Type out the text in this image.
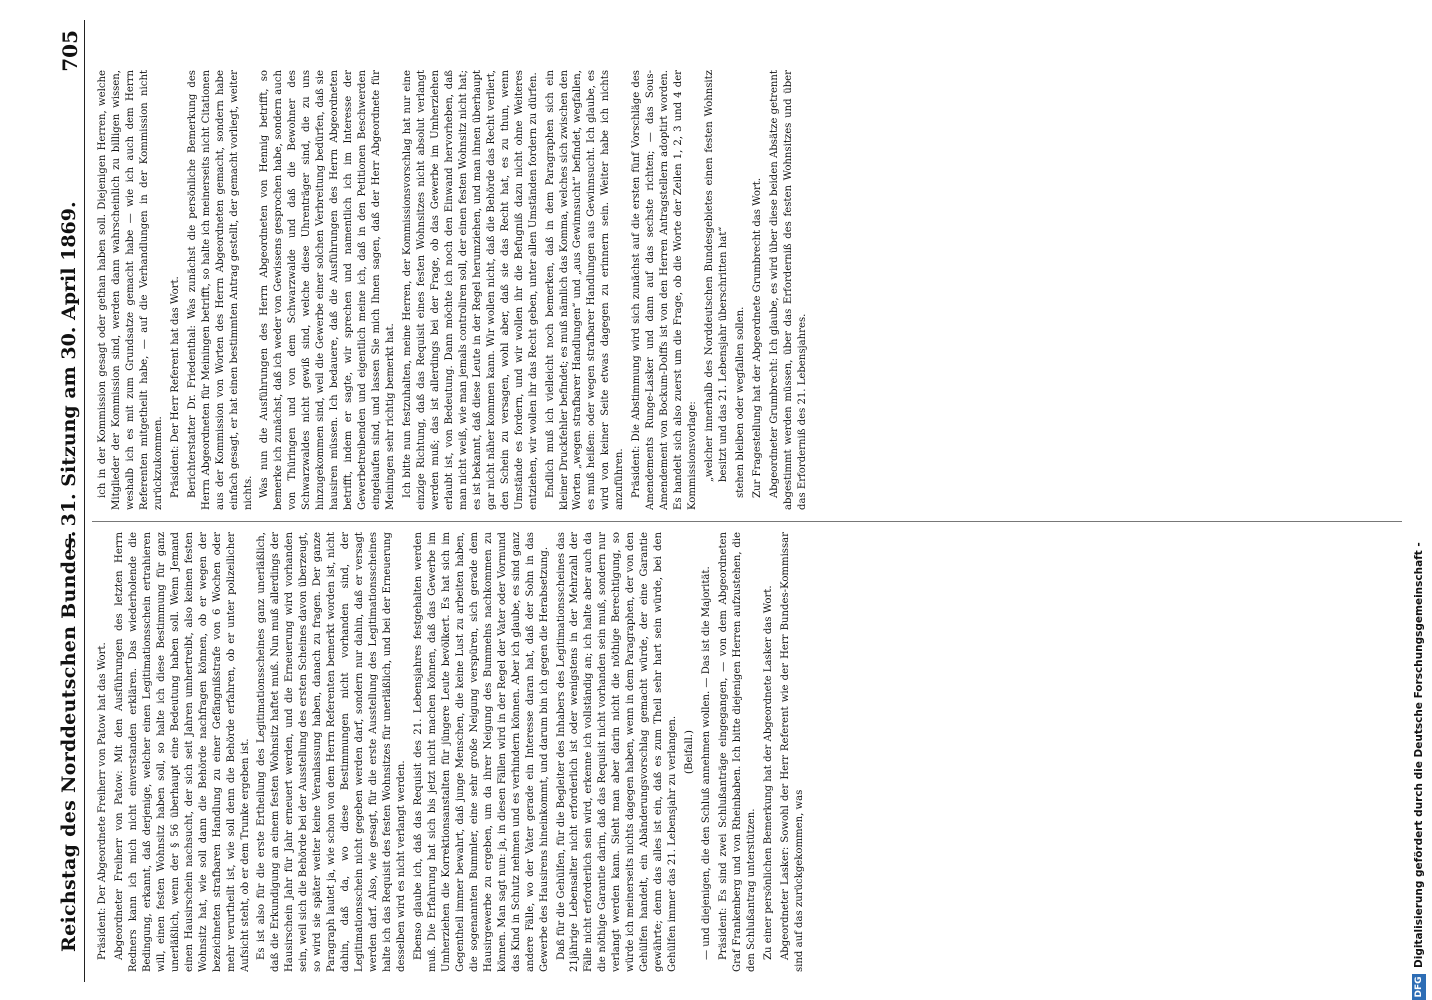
Reichstag des Norddeutschen Bundes.
— 31. Sitzung am 30. April 1869.
705

Präsident: Der Abgeordnete Freiherr von Patow hat das Wort. Abgeordneter Freiherr von Patow: Mit den Ausführungen des letzten Herrn Redners kann ich mich nicht einverstanden erklären. Das wiederholende die Bedingung, erkannt, daß derjenige, welcher einen Legitimationsschein ertrahieren will, einen festen Wohnsitz haben soll, so halte ich diese Bestimmung für ganz unerläßlich, wenn der § 56 überhaupt eine Bedeutung haben soll. Wenn Jemand einen Hausirschein nachsucht, der sich seit Jahren umhertreibt, also keinen festen Wohnsitz hat, wie soll dann die Behörde nachfragen können, ob er wegen der bezeichneten strafbaren Handlung zu einer Gefängnißstrafe von 6 Wochen oder mehr verurtheilt ist, wie soll denn die Behörde erfahren, ob er unter polizeilicher Aufsicht steht, ob er dem Trunke ergeben ist. Es ist also für die erste Ertheilung des Legitimationsscheines ganz unerläßlich, daß die Erkundigung an einem festen Wohnsitz haftet muß. Nun muß allerdings der Hausirschein Jahr für Jahr erneuert werden, und die Erneuerung wird vorhanden sein, weil sich die Behörde bei der Ausstellung des ersten Scheines davon überzeugt, so wird sie später weiter keine Veranlassung haben, danach zu fragen. Der ganze Paragraph lautet ja, wie schon von dem Herrn Referenten bemerkt worden ist, nicht dahin, daß da, wo diese Bestimmungen nicht vorhanden sind, der Legitimationsschein nicht gegeben werden darf, sondern nur dahin, daß er versagt werden darf. Also, wie gesagt, für die erste Ausstellung des Legitimationsscheines halte ich das Requisit des festen Wohnsitzes für unerläßlich, und bei der Erneuerung desselben wird es nicht verlangt werden. Ebenso glaube ich, daß das Requisit des 21. Lebensjahres festgehalten werden muß. Die Erfahrung hat sich bis jetzt nicht machen können, daß das Gewerbe im Umherziehen die Korrektionsanstalten für jüngere Leute bevölkert. Es hat sich im Gegentheil immer bewahrt, daß junge Menschen, die keine Lust zu arbeiten haben, die sogenannten Bummler, eine sehr große Neigung verspüren, sich gerade dem Hausirgewerbe zu ergeben, um da ihrer Neigung des Bummelns nachkommen zu können. Man sagt nun: ja, in diesen Fällen wird in der Regel der Vater oder Vormund das Kind in Schutz nehmen und es verhindern können. Aber ich glaube, es sind ganz andere Fälle, wo der Vater gerade ein Interesse daran hat, daß der Sohn in das Gewerbe des Hausirens hineinkommt, und darum bin ich gegen die Herabsetzung. Daß für die Gehülfen, für die Begleiter des Inhabers des Legitimationsscheines das 21jährige Lebensalter nicht erforderlich ist oder wenigstens in der Mehrzahl der Fälle nicht erforderlich sein wird, erkenne ich vollständig an; ich halte aber auch da die nöthige Garantie darin, daß das Requisit nicht vorhanden sein muß, sondern nur verlangt werden kann. Sieht man aber darin nicht die nöthige Berechtigung, so würde ich meinerseits nichts dagegen haben, wenn in dem Paragraphen, der von den Gehülfen handelt, ein Abänderungsvorschlag gemacht würde, der eine Garantie gewährte; denn das alles ist ein, daß es zum Theil sehr hart sein würde, bei den Gehülfen immer das 21. Lebensjahr zu verlangen. (Beifall.) — und diejenigen, die den Schluß annehmen wollen. — Das ist die Majorität. Präsident: Es sind zwei Schlußanträge eingegangen, — von dem Abgeordneten Graf Frankenberg und von Rheinbaben. Ich bitte diejenigen Herren aufzustehen, die den Schlußantrag unterstützen. Zu einer persönlichen Bemerkung hat der Abgeordnete Lasker das Wort. Abgeordneter Lasker: Sowohl der Herr Referent wie der Herr Bundes-Kommissar sind auf das zurückgekommen, was

ich in der Kommission gesagt oder gethan haben soll. Diejenigen Herren, welche Mitglieder der Kommission sind, werden dann wahrscheinlich zu billigen wissen, weshalb ich es mit zum Grundsatze gemacht habe — wie ich auch dem Herrn Referenten mitgetheilt habe, — auf die Verhandlungen in der Kommission nicht zurückzukommen. Präsident: Der Herr Referent hat das Wort. Berichterstatter Dr. Friedenthal: Was zunächst die persönliche Bemerkung des Herrn Abgeordneten für Meiningen betrifft, so halte ich meinerseits nicht Citationen aus der Kommission von Worten des Herrn Abgeordneten gemacht, sondern habe einfach gesagt, er hat einen bestimmten Antrag gestellt, der gemacht vorliegt, weiter nichts. Was nun die Ausführungen des Herrn Abgeordneten von Hennig betrifft, so bemerke ich zunächst, daß ich weder von Gewissens gesprochen habe, sondern auch von Thüringen und von dem Schwarzwalde und daß die Bewohner des Schwarzwaldes nicht gewiß sind, welche diese Uhrenträger sind, die zu uns hinzugekommen sind, weil die Gewerbe einer solchen Verbreitung bedürfen, daß sie hausiren müssen. Ich bedauere, daß die Ausführungen des Herrn Abgeordneten betrifft, indem er sagte, wir sprechen und namentlich ich im Interesse der Gewerbetreibenden und eigentlich meine ich, daß in den Petitionen Beschwerden eingelaufen sind, und lassen Sie mich Ihnen sagen, daß der Herr Abgeordnete für Meiningen sehr richtig bemerkt hat. Ich bitte nun festzuhalten, meine Herren, der Kommissionsvorschlag hat nur eine einzige Richtung, daß das Requisit eines festen Wohnsitzes nicht absolut verlangt werden muß; das ist allerdings bei der Frage, ob das Gewerbe im Umherziehen erlaubt ist, von Bedeutung. Dann möchte ich noch den Einwand hervorheben, daß man nicht weiß, wie man jemals controliren soll, der einen festen Wohnsitz nicht hat; es ist bekannt, daß diese Leute in der Regel herumziehen, und man ihnen überhaupt gar nicht näher kommen kann. Wir wollen nicht, daß die Behörde das Recht verliert, den Schein zu versagen, wohl aber, daß sie das Recht hat, es zu thun, wenn Umstände es fordern, und wir wollen ihr die Befugniß dazu nicht ohne Weiteres entziehen, wir wollen ihr das Recht geben, unter allen Umständen fordern zu dürfen. Endlich muß ich vielleicht noch bemerken, daß in dem Paragraphen sich ein kleiner Druckfehler befindet; es muß nämlich das Komma, welches sich zwischen den Worten „wegen strafbarer Handlungen“ und „aus Gewinnsucht“ befindet, wegfallen, es muß heißen: oder wegen strafbarer Handlungen aus Gewinnsucht. Ich glaube, es wird von keiner Seite etwas dagegen zu erinnern sein. Weiter habe ich nichts anzuführen. Präsident: Die Abstimmung wird sich zunächst auf die ersten fünf Vorschläge des Amendements Runge-Lasker und dann auf das sechste richten; — das Sous-Amendement von Bockum-Dolffs ist von den Herren Antragstellern adoptirt worden. Es handelt sich also zuerst um die Frage, ob die Worte der Zeilen 1, 2, 3 und 4 der Kommissionsvorlage: „welcher innerhalb des Norddeutschen Bundesgebietes einen festen Wohnsitz besitzt und das 21. Lebensjahr überschritten hat“ stehen bleiben oder wegfallen sollen. Zur Fragestellung hat der Abgeordnete Grumbrecht das Wort. Abgeordneter Grumbrecht: Ich glaube, es wird über diese beiden Absätze getrennt abgestimmt werden müssen, über das Erforderniß des festen Wohnsitzes und über das Erforderniß des 21. Lebensjahres.

DFG
Digitalisierung gefördert durch die Deutsche Forschungsgemeinschaft -
